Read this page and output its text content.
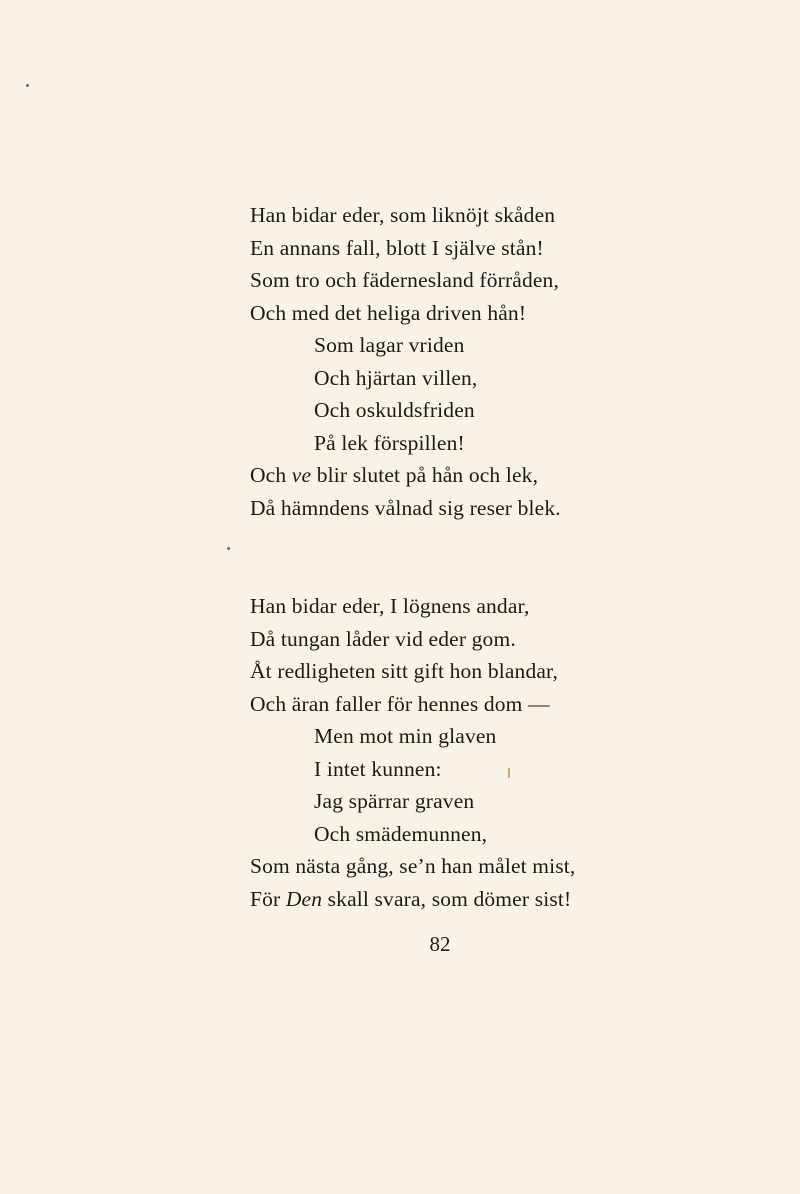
Han bidar eder, som liknöjt skåden
En annans fall, blott I själve stån!
Som tro och fädernesland förråden,
Och med det heliga driven hån!
Som lagar vriden
Och hjärtan villen,
Och oskuldsfriden
På lek förspillen!
Och ve blir slutet på hån och lek,
Då hämndens vålnad sig reser blek.
Han bidar eder, I lögnens andar,
Då tungan låder vid eder gom.
Åt redligheten sitt gift hon blandar,
Och äran faller för hennes dom —
Men mot min glaven
I intet kunnen:
Jag spärrar graven
Och smädemunnen,
Som nästa gång, se’n han målet mist,
För Den skall svara, som dömer sist!
82
